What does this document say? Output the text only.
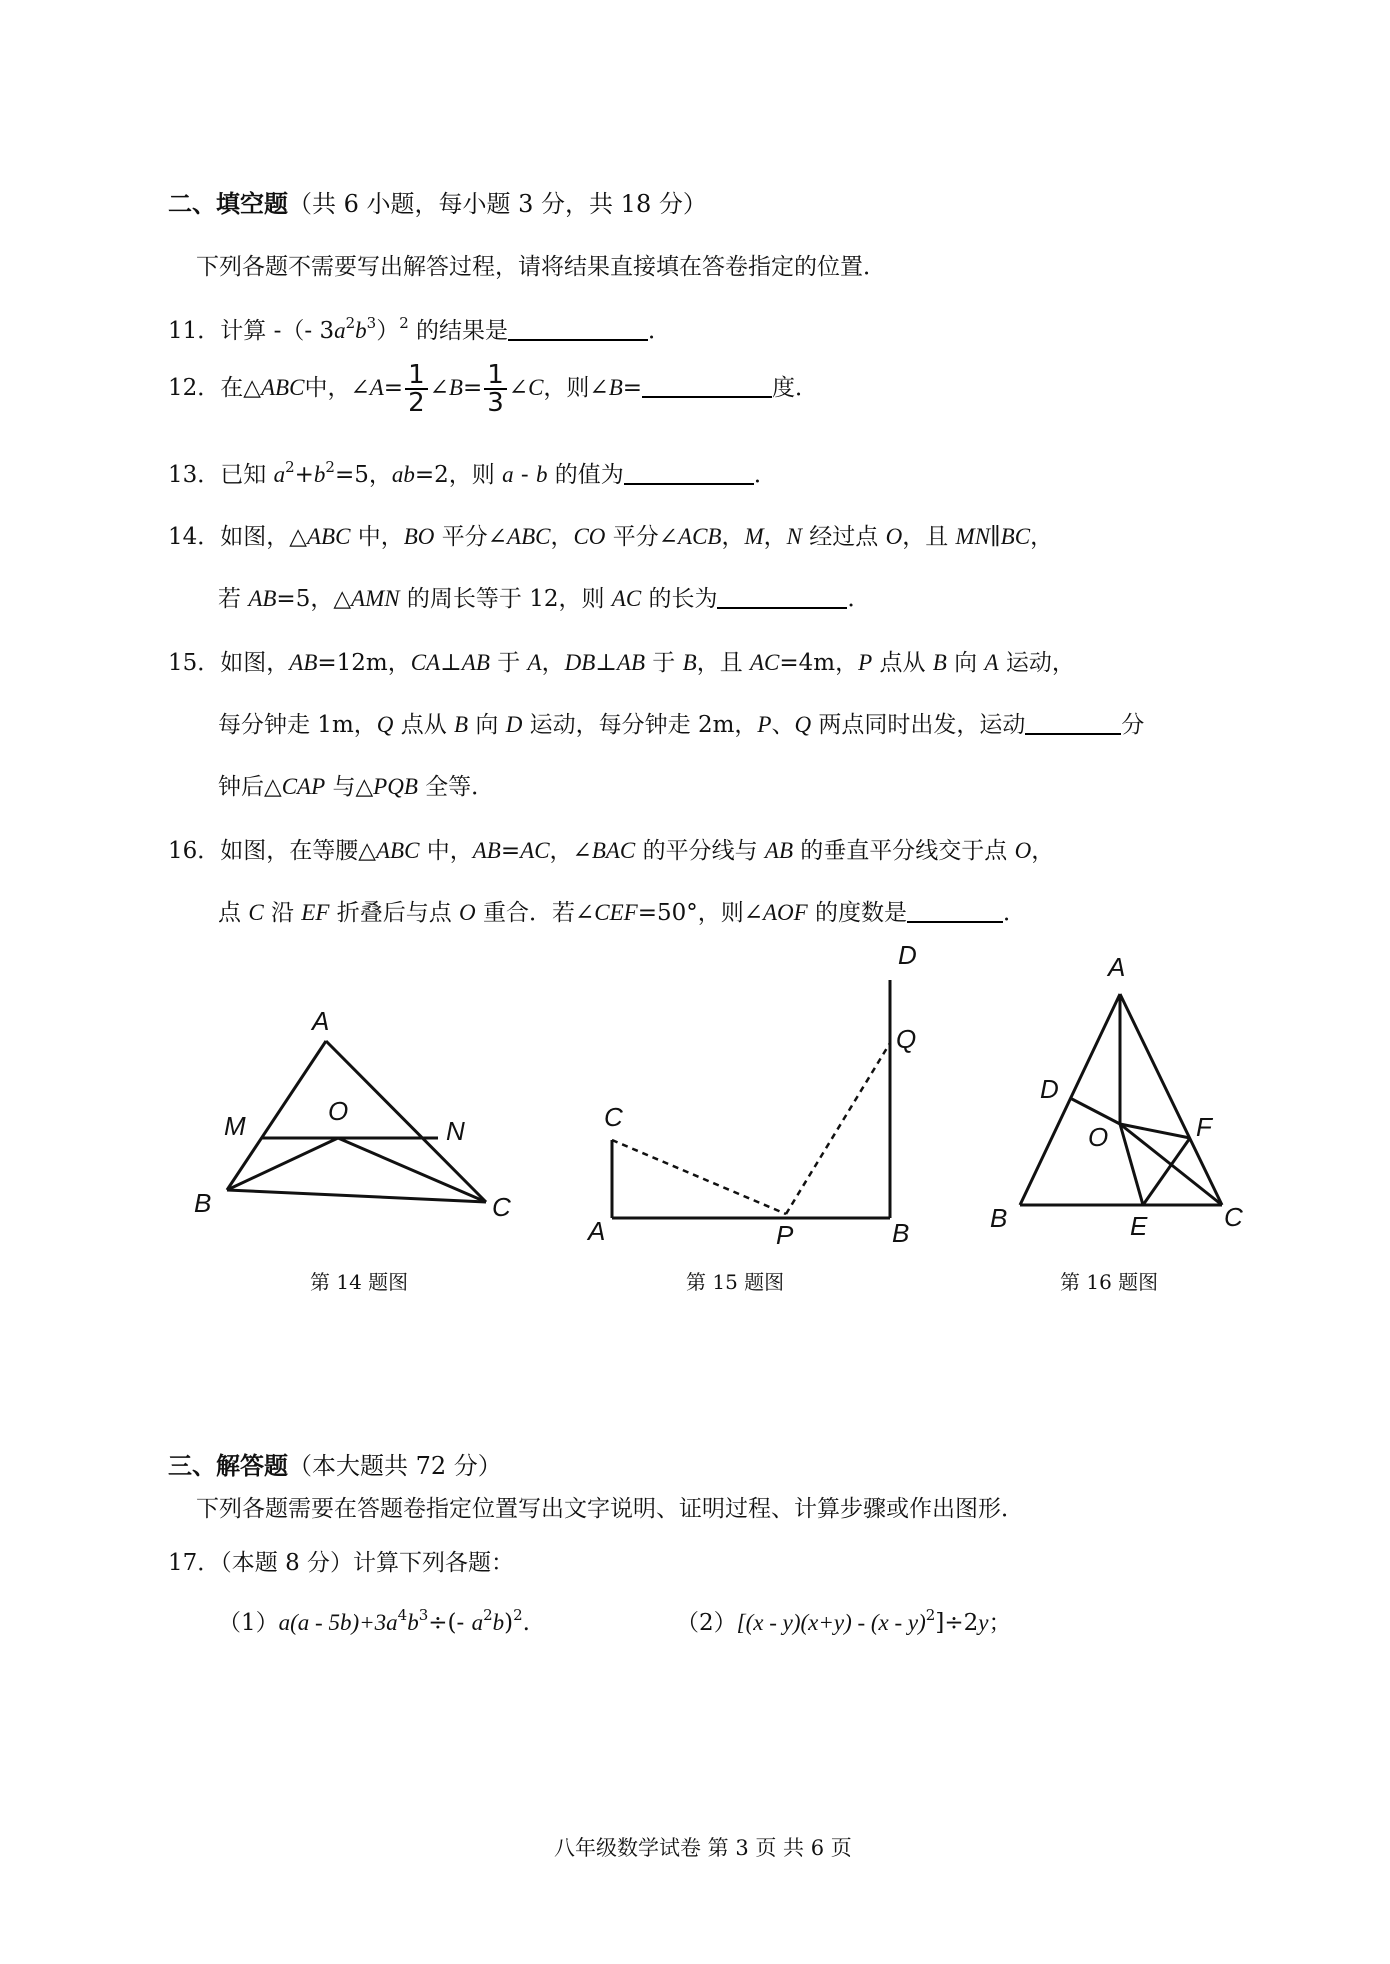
二、填空题（共 6 小题，每小题 3 分，共 18 分）
下列各题不需要写出解答过程，请将结果直接填在答卷指定的位置．
11．计算 -（- $3a^2b^3)^2$ 的结果是	．
12．在△ABC中，∠A= $\frac{1}{2}$ ∠B= $\frac{1}{3}$ ∠C，则∠B=	度．
13．已知 $a^2+b^2=5$，ab=2，则 a - b 的值为	．
14．如图，△ABC 中，BO 平分∠ABC，CO 平分∠ACB，M，N 经过点 O，且 MN∥BC，
若 AB=5，△AMN 的周长等于 12，则 AC 的长为	．
15．如图，AB=12m，CA⊥AB 于 A，DB⊥AB 于 B，且 AC=4m，P 点从 B 向 A 运动，
每分钟走 1m，Q 点从 B 向 D 运动，每分钟走 2m，P、Q 两点同时出发，运动	分
钟后△CAP 与△PQB 全等．
16．如图，在等腰△ABC 中，AB=AC，∠BAC 的平分线与 AB 的垂直平分线交于点 O，
点 C 沿 EF 折叠后与点 O 重合．若∠CEF=50°，则∠AOF 的度数是	．
A
M	O
N
B	C
第 14 题图
D
Q
C
A	P	B
第 15 题图
A
D
O	F
B	E	C
第 16 题图
三、解答题（本大题共 72 分）
下列各题需要在答题卷指定位置写出文字说明、证明过程、计算步骤或作出图形．
17．（本题 8 分）计算下列各题：
$(1)a(a - 5b)+3a^4b^3\div(-$ $a^2b)^2$.	（2）[(x - y)(x+y) - (x - y)$^2$]÷2y；
八年级数学试卷 第 3 页 共 6 页
